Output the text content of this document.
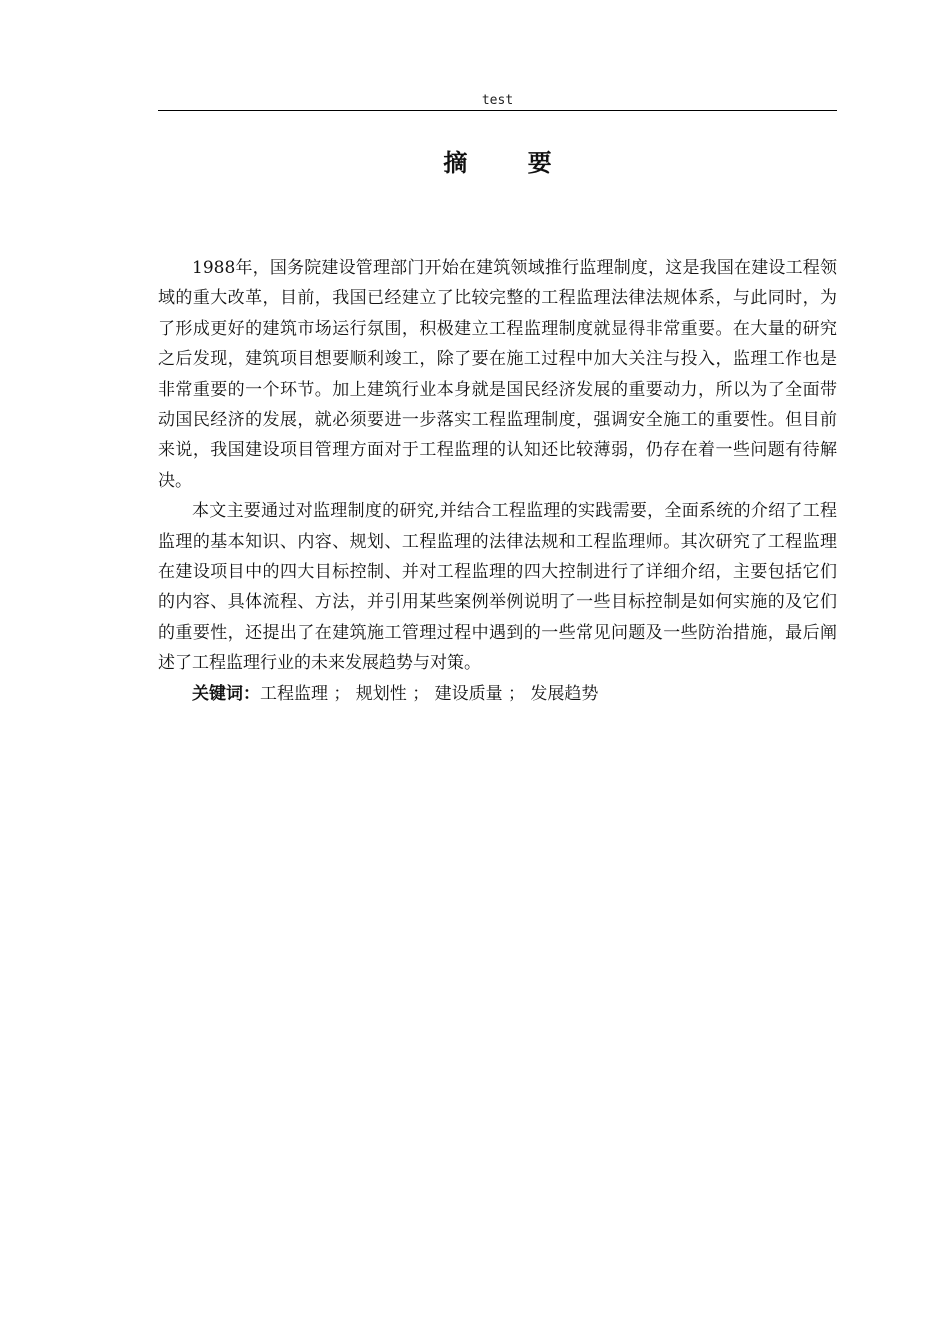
test
摘 要

1988年，国务院建设管理部门开始在建筑领域推行监理制度，这是我国在建设工程领域的重大改革，目前，我国已经建立了比较完整的工程监理法律法规体系，与此同时，为了形成更好的建筑市场运行氛围，积极建立工程监理制度就显得非常重要。在大量的研究之后发现，建筑项目想要顺利竣工，除了要在施工过程中加大关注与投入，监理工作也是非常重要的一个环节。加上建筑行业本身就是国民经济发展的重要动力，所以为了全面带动国民经济的发展，就必须要进一步落实工程监理制度，强调安全施工的重要性。但目前来说，我国建设项目管理方面对于工程监理的认知还比较薄弱，仍存在着一些问题有待解决。

本文主要通过对监理制度的研究,并结合工程监理的实践需要，全面系统的介绍了工程监理的基本知识、内容、规划、工程监理的法律法规和工程监理师。其次研究了工程监理在建设项目中的四大目标控制、并对工程监理的四大控制进行了详细介绍，主要包括它们的内容、具体流程、方法，并引用某些案例举例说明了一些目标控制是如何实施的及它们的重要性，还提出了在建筑施工管理过程中遇到的一些常见问题及一些防治措施，最后阐述了工程监理行业的未来发展趋势与对策。

关键词：工程监理 ； 规划性 ； 建设质量 ； 发展趋势
